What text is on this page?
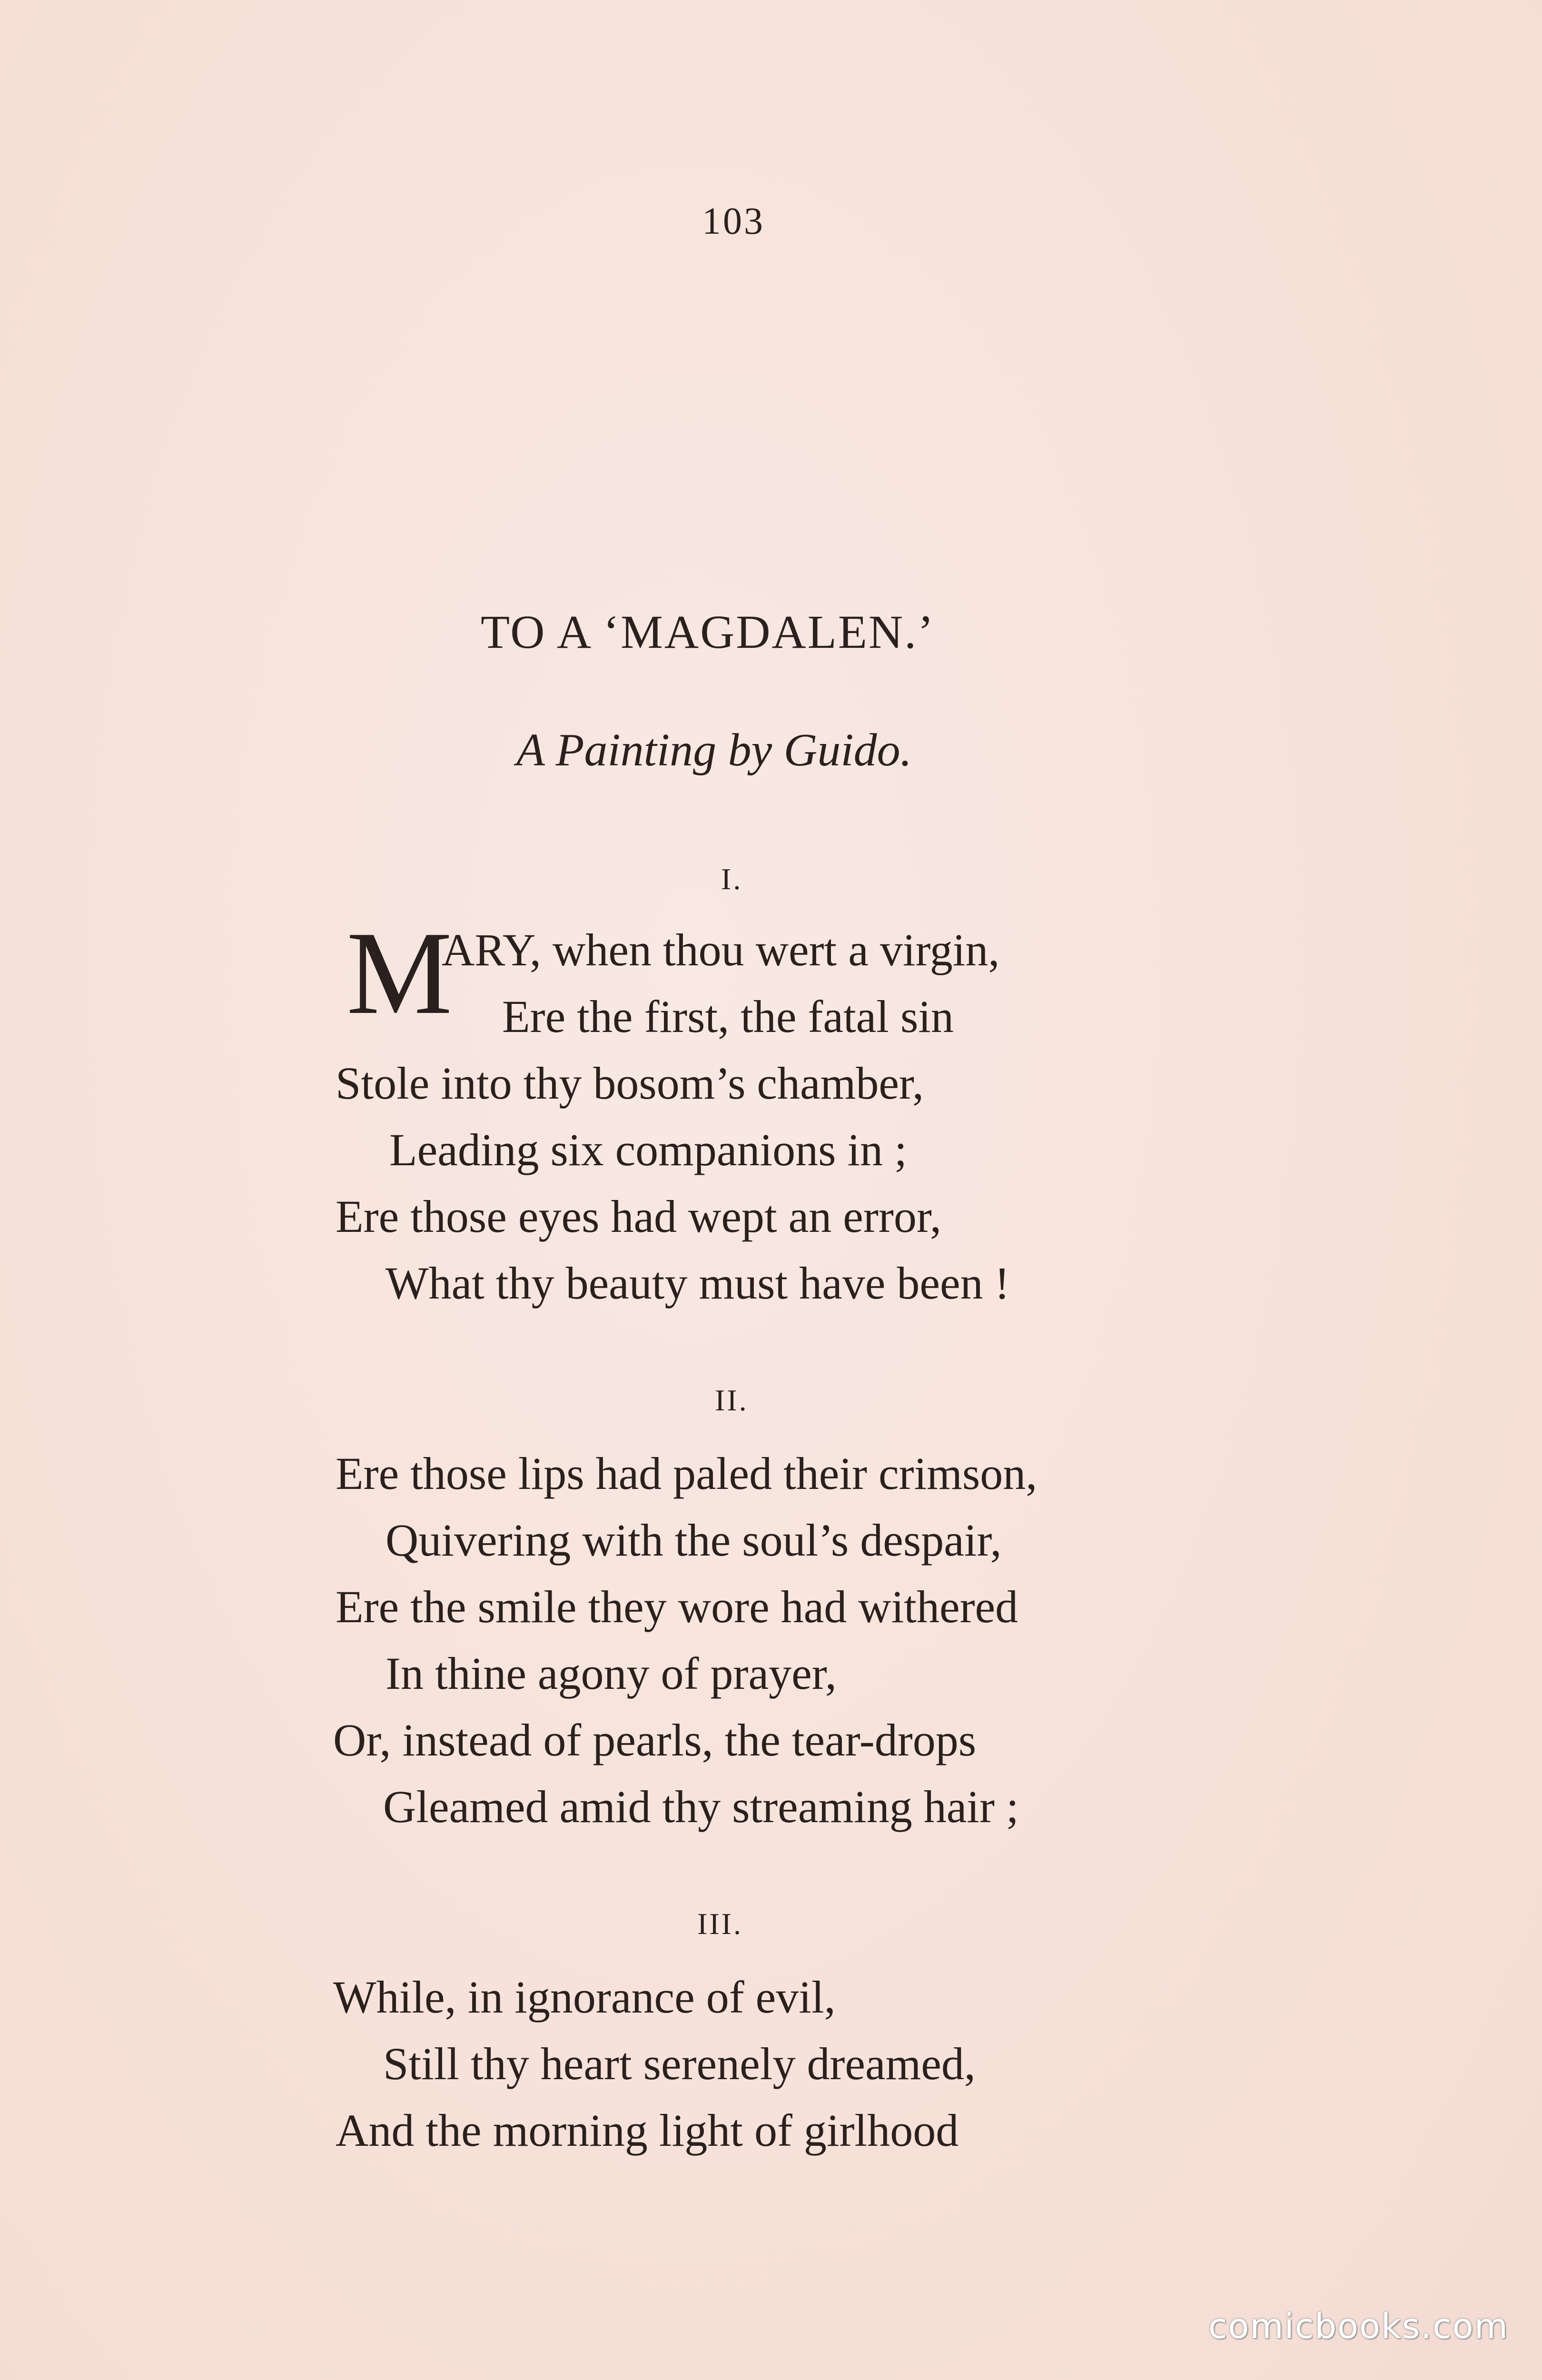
103
TO A ‘MAGDALEN.’
A Painting by Guido.
I.
M
ARY, when thou wert a virgin,
Ere the first, the fatal sin
Stole into thy bosom’s chamber,
Leading six companions in ;
Ere those eyes had wept an error,
What thy beauty must have been !
II.
Ere those lips had paled their crimson,
Quivering with the soul’s despair,
Ere the smile they wore had withered
In thine agony of prayer,
Or, instead of pearls, the tear-drops
Gleamed amid thy streaming hair ;
III.
While, in ignorance of evil,
Still thy heart serenely dreamed,
And the morning light of girlhood
comicbooks.com
